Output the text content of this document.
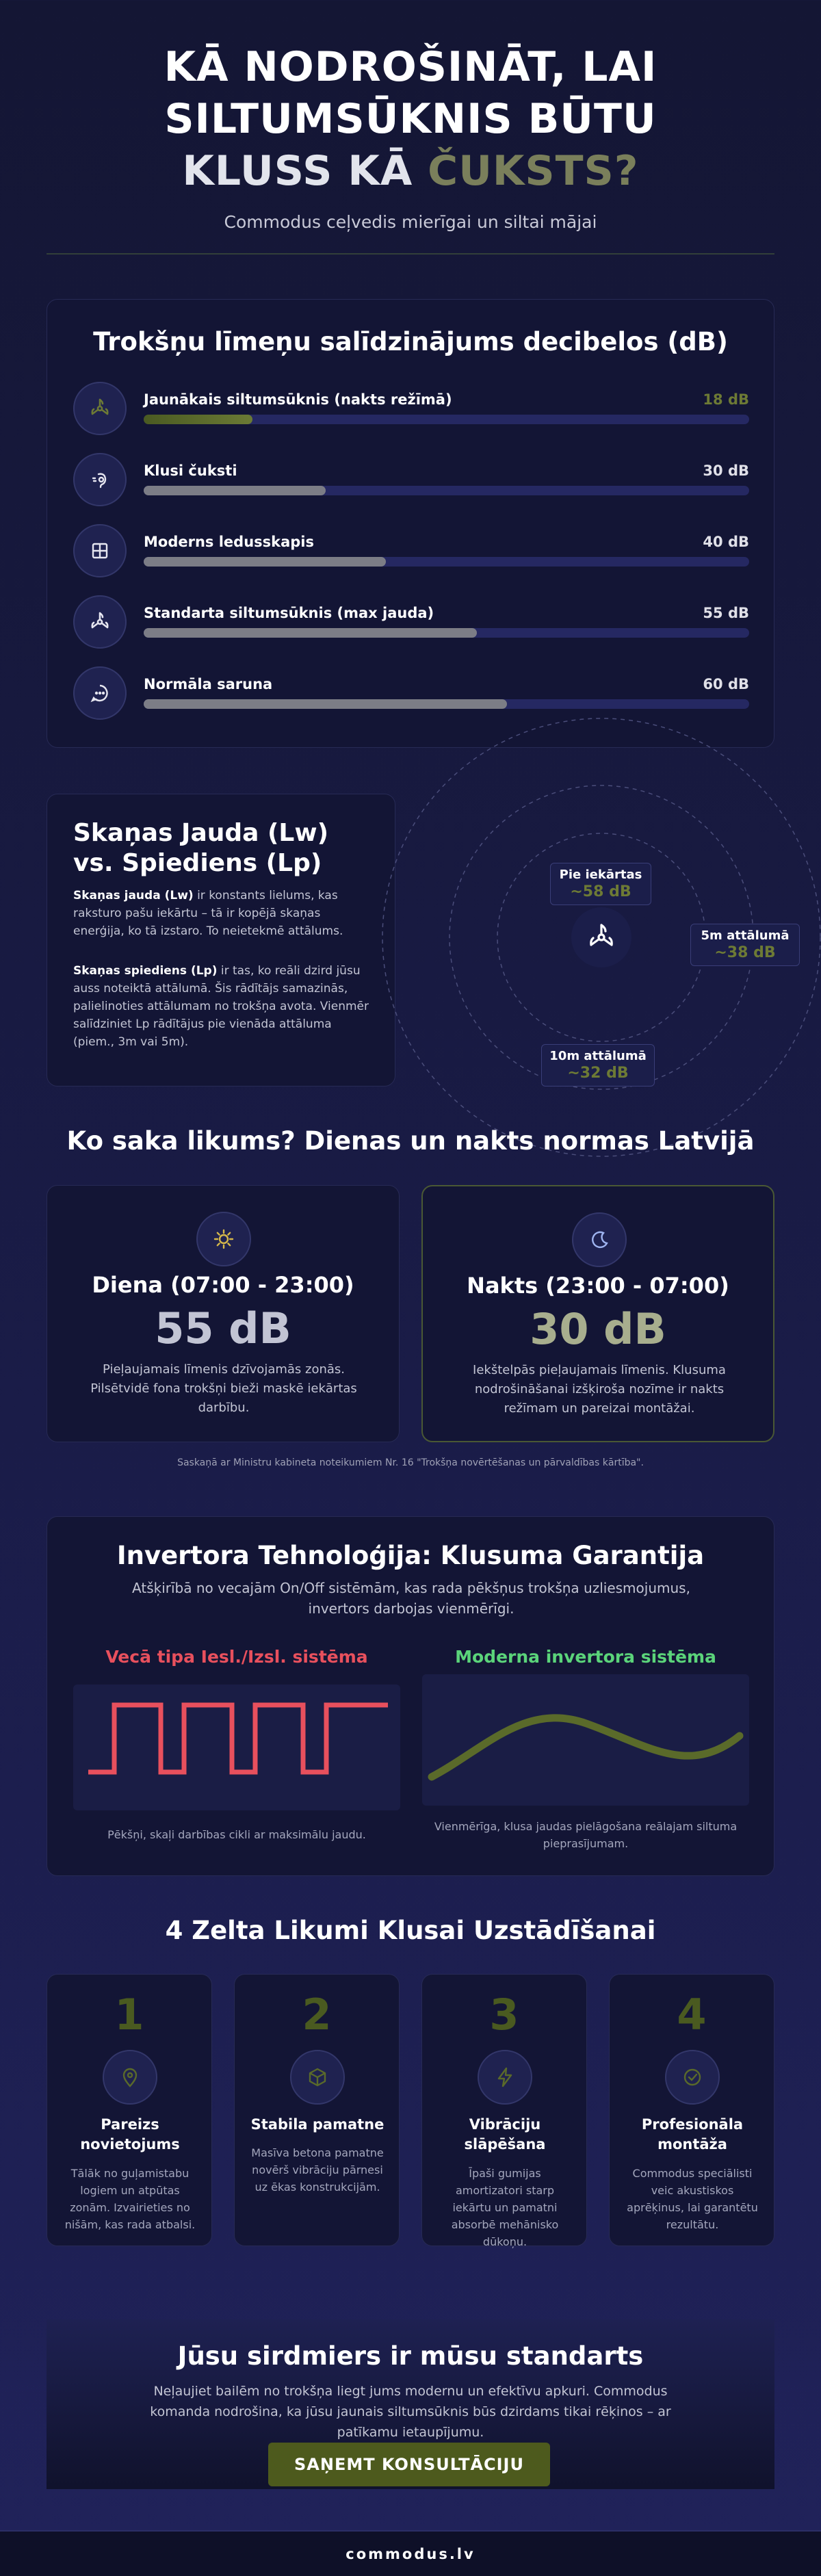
KĀ NODROŠINĀT, LAI
SILTUMSŪKNIS BŪTU
KLUSS KĀ ČUKSTS?
Commodus ceļvedis mierīgai un siltai mājai
Trokšņu līmeņu salīdzinājums decibelos (dB)
Jaunākais siltumsūknis (nakts režīmā)	18 dB
Klusi čuksti	30 dB
Moderns ledusskapis	40 dB
Standarta siltumsūknis (max jauda)	55 dB
Normāla saruna	60 dB
Skaņas Jauda (Lw)
vs. Spiediens (Lp)

Skaņas jauda (Lw) ir konstants lielums, kas raksturo pašu iekārtu – tā ir kopējā skaņas enerģija, ko tā izstaro. To neietekmē attālums.

Skaņas spiediens (Lp) ir tas, ko reāli dzird jūsu auss noteiktā attālumā. Šis rādītājs samazinās, palielinoties attālumam no trokšņa avota. Vienmēr salīdziniet Lp rādītājus pie vienāda attāluma (piem., 3m vai 5m).

Pie iekārtas
~58 dB
5m attālumā
~38 dB
10m attālumā
~32 dB
Ko saka likums? Dienas un nakts normas Latvijā
Diena (07:00 - 23:00)
55 dB
Pieļaujamais līmenis dzīvojamās zonās. Pilsētvidē fona trokšņi bieži maskē iekārtas darbību.
Nakts (23:00 - 07:00)
30 dB
Iekštelpās pieļaujamais līmenis. Klusuma nodrošināšanai izšķiroša nozīme ir nakts režīmam un pareizai montāžai.
Saskaņā ar Ministru kabineta noteikumiem Nr. 16 "Trokšņa novērtēšanas un pārvaldības kārtība".
Invertora Tehnoloģija: Klusuma Garantija
Atšķirībā no vecajām On/Off sistēmām, kas rada pēkšņus trokšņa uzliesmojumus, invertors darbojas vienmērīgi.
Vecā tipa Iesl./Izsl. sistēma
Pēkšņi, skaļi darbības cikli ar maksimālu jaudu.
Moderna invertora sistēma
Vienmērīga, klusa jaudas pielāgošana reālajam siltuma pieprasījumam.
4 Zelta Likumi Klusai Uzstādīšanai
1
Pareizs novietojums
Tālāk no guļamistabu logiem un atpūtas zonām. Izvairieties no nišām, kas rada atbalsi.
2
Stabila pamatne
Masīva betona pamatne novērš vibrāciju pārnesi uz ēkas konstrukcijām.
3
Vibrāciju slāpēšana
Īpaši gumijas amortizatori starp iekārtu un pamatni absorbē mehānisko dūkoņu.
4
Profesionāla montāža
Commodus speciālisti veic akustiskos aprēķinus, lai garantētu rezultātu.
Jūsu sirdmiers ir mūsu standarts

Neļaujiet bailēm no trokšņa liegt jums modernu un efektīvu apkuri. Commodus komanda nodrošina, ka jūsu jaunais siltumsūknis būs dzirdams tikai rēķinos – ar patīkamu ietaupījumu.

SAŅEMT KONSULTĀCIJU
commodus.lv
